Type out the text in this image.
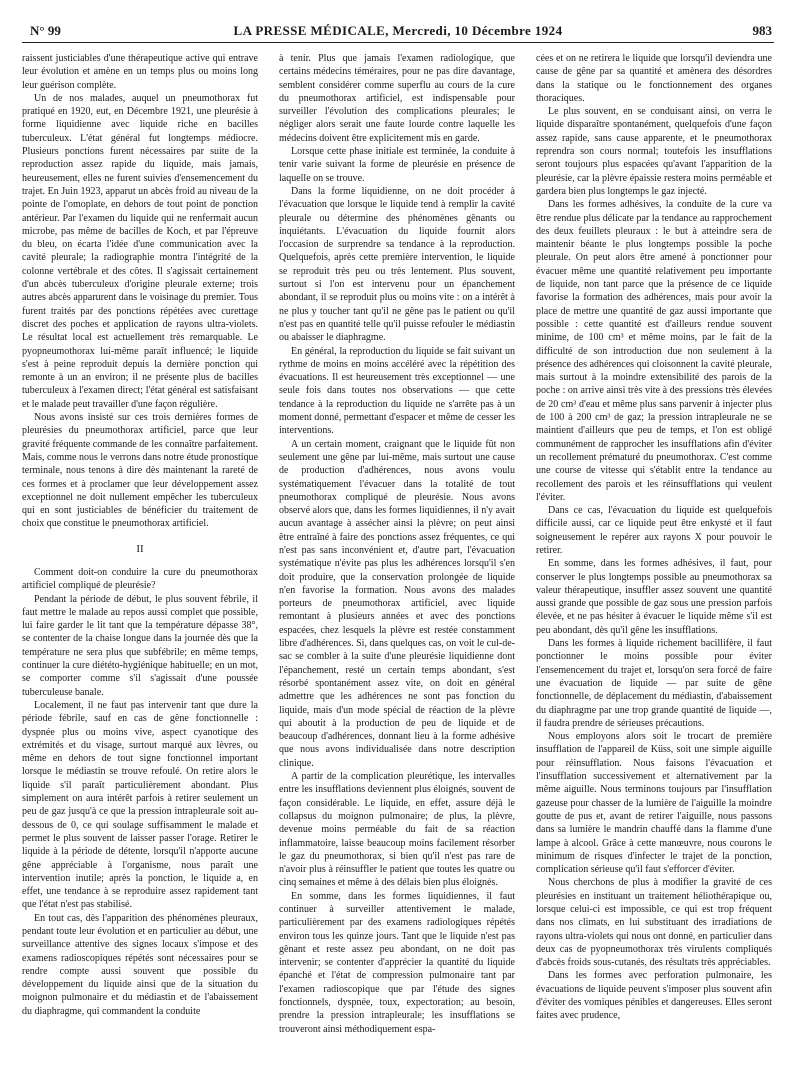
N° 99	LA PRESSE MÉDICALE, Mercredi, 10 Décembre 1924	983

raissent justiciables d'une thérapeutique active qui entrave leur évolution et amène en un temps plus ou moins long leur guérison complète.

Un de nos malades, auquel un pneumothorax fut pratiqué en 1920, eut, en Décembre 1921, une pleurésie à forme liquidienne avec liquide riche en bacilles tuberculeux. L'état général fut longtemps médiocre. Plusieurs ponctions furent nécessaires par suite de la reproduction assez rapide du liquide, mais jamais, heureusement, elles ne furent suivies d'ensemencement du trajet. En Juin 1923, apparut un abcès froid au niveau de la pointe de l'omoplate, en dehors de tout point de ponction antérieur. Par l'examen du liquide qui ne renfermait aucun microbe, pas même de bacilles de Koch, et par l'épreuve du bleu, on écarta l'idée d'une communication avec la cavité pleurale; la radiographie montra l'intégrité de la colonne vertébrale et des côtes. Il s'agissait certainement d'un abcès tuberculeux d'origine pleurale externe; trois autres abcès apparurent dans le voisinage du premier. Tous furent traités par des ponctions répétées avec curettage discret des poches et application de rayons ultra-violets. Le résultat local est actuellement très remarquable. Le pyopneumothorax lui-même paraît influencé; le liquide s'est à peine reproduit depuis la dernière ponction qui remonte à un an environ; il ne présente plus de bacilles tuberculeux à l'examen direct; l'état général est satisfaisant et le malade peut travailler d'une façon régulière.

Nous avons insisté sur ces trois dernières formes de pleurésies du pneumothorax artificiel, parce que leur gravité fréquente commande de les connaître parfaitement. Mais, comme nous le verrons dans notre étude pronostique terminale, nous tenons à dire dès maintenant la rareté de ces formes et à proclamer que leur développement assez exceptionnel ne doit nullement empêcher les tuberculeux qui en sont justiciables de bénéficier du traitement de choix que constitue le pneumothorax artificiel.

II

Comment doit-on conduire la cure du pneumothorax artificiel compliqué de pleurésie?

Pendant la période de début, le plus souvent fébrile, il faut mettre le malade au repos aussi complet que possible, lui faire garder le lit tant que la température dépasse 38°, se contenter de la chaise longue dans la journée dès que la température ne sera plus que subfébrile; en même temps, continuer la cure diététo-hygiénique habituelle; en un mot, se comporter comme s'il s'agissait d'une poussée tuberculeuse banale.

Localement, il ne faut pas intervenir tant que dure la période fébrile, sauf en cas de gêne fonctionnelle : dyspnée plus ou moins vive, aspect cyanotique des extrémités et du visage, surtout marqué aux lèvres, ou même en dehors de tout signe fonctionnel important lorsque le médiastin se trouve refoulé. On retire alors le liquide s'il paraît particulièrement abondant. Plus simplement on aura intérêt parfois à retirer seulement un peu de gaz jusqu'à ce que la pression intrapleurale soit au-dessous de 0, ce qui soulage suffisamment le malade et permet le plus souvent de laisser passer l'orage. Retirer le liquide à la période de détente, lorsqu'il n'apporte aucune gêne appréciable à l'organisme, nous paraît une intervention inutile; après la ponction, le liquide a, en effet, une tendance à se reproduire assez rapidement tant que l'état n'est pas stabilisé.

En tout cas, dès l'apparition des phénomènes pleuraux, pendant toute leur évolution et en particulier au début, une surveillance attentive des signes locaux s'impose et des examens radioscopiques répétés sont nécessaires pour se rendre compte aussi souvent que possible du développement du liquide ainsi que de la situation du moignon pulmonaire et du médiastin et de l'abaissement du diaphragme, qui commandent la conduite

à tenir. Plus que jamais l'examen radiologique, que certains médecins téméraires, pour ne pas dire davantage, semblent considérer comme superflu au cours de la cure du pneumothorax artificiel, est indispensable pour surveiller l'évolution des complications pleurales; le négliger alors serait une faute lourde contre laquelle les médecins doivent être explicitement mis en garde.

Lorsque cette phase initiale est terminée, la conduite à tenir varie suivant la forme de pleurésie en présence de laquelle on se trouve.

Dans la forme liquidienne, on ne doit procéder à l'évacuation que lorsque le liquide tend à remplir la cavité pleurale ou détermine des phénomènes gênants ou inquiétants. L'évacuation du liquide fournit alors l'occasion de surprendre sa tendance à la reproduction. Quelquefois, après cette première intervention, le liquide se reproduit très peu ou très lentement. Plus souvent, surtout si l'on est intervenu pour un épanchement abondant, il se reproduit plus ou moins vite : on a intérêt à ne plus y toucher tant qu'il ne gêne pas le patient ou qu'il n'est pas en quantité telle qu'il puisse refouler le médiastin ou abaisser le diaphragme.

En général, la reproduction du liquide se fait suivant un rythme de moins en moins accéléré avec la répétition des évacuations. Il est heureusement très exceptionnel — une seule fois dans toutes nos observations — que cette tendance à la reproduction du liquide ne s'arrête pas à un moment donné, permettant d'espacer et même de cesser les interventions.

A un certain moment, craignant que le liquide fût non seulement une gêne par lui-même, mais surtout une cause de production d'adhérences, nous avons voulu systématiquement l'évacuer dans la totalité de tout pneumothorax compliqué de pleurésie. Nous avons observé alors que, dans les formes liquidiennes, il n'y avait aucun avantage à assécher ainsi la plèvre; on peut ainsi être entraîné à faire des ponctions assez fréquentes, ce qui n'est pas sans inconvénient et, d'autre part, l'évacuation systématique n'évite pas plus les adhérences lorsqu'il s'en doit produire, que la conservation prolongée de liquide n'en favorise la formation. Nous avons des malades porteurs de pneumothorax artificiel, avec liquide remontant à plusieurs années et avec des ponctions espacées, chez lesquels la plèvre est restée constamment libre d'adhérences. Si, dans quelques cas, on voit le cul-de-sac se combler à la suite d'une pleurésie liquidienne dont l'épanchement, resté un certain temps abondant, s'est résorbé spontanément assez vite, on doit en général admettre que les adhérences ne sont pas fonction du liquide, mais d'un mode spécial de réaction de la plèvre qui aboutit à la production de peu de liquide et de beaucoup d'adhérences, donnant lieu à la forme adhésive que nous avons individualisée dans notre description clinique.

A partir de la complication pleurétique, les intervalles entre les insufflations deviennent plus éloignés, souvent de façon considérable. Le liquide, en effet, assure déjà le collapsus du moignon pulmonaire; de plus, la plèvre, devenue moins perméable du fait de sa réaction inflammatoire, laisse beaucoup moins facilement résorber le gaz du pneumothorax, si bien qu'il n'est pas rare de n'avoir plus à réinsuffler le patient que toutes les quatre ou cinq semaines et même à des délais bien plus éloignés.

En somme, dans les formes liquidiennes, il faut continuer à surveiller attentivement le malade, particulièrement par des examens radiologiques répétés environ tous les quinze jours. Tant que le liquide n'est pas gênant et reste assez peu abondant, on ne doit pas intervenir; se contenter d'apprécier la quantité du liquide épanché et l'état de compression pulmonaire tant par l'examen radioscopique que par l'étude des signes fonctionnels, dyspnée, toux, expectoration; au besoin, prendre la pression intrapleurale; les insufflations se trouveront ainsi méthodiquement espa-

cées et on ne retirera le liquide que lorsqu'il deviendra une cause de gêne par sa quantité et amènera des désordres dans la statique ou le fonctionnement des organes thoraciques.

Le plus souvent, en se conduisant ainsi, on verra le liquide disparaître spontanément, quelquefois d'une façon assez rapide, sans cause apparente, et le pneumothorax reprendra son cours normal; toutefois les insufflations seront toujours plus espacées qu'avant l'apparition de la pleurésie, car la plèvre épaissie restera moins perméable et gardera bien plus longtemps le gaz injecté.

Dans les formes adhésives, la conduite de la cure va être rendue plus délicate par la tendance au rapprochement des deux feuillets pleuraux : le but à atteindre sera de maintenir béante le plus longtemps possible la poche pleurale. On peut alors être amené à ponctionner pour évacuer même une quantité relativement peu importante de liquide, non tant parce que la présence de ce liquide favorise la formation des adhérences, mais pour avoir la place de mettre une quantité de gaz aussi importante que possible : cette quantité est d'ailleurs rendue souvent minime, de 100 cm³ et même moins, par le fait de la difficulté de son introduction due non seulement à la présence des adhérences qui cloisonnent la cavité pleurale, mais surtout à la moindre extensibilité des parois de la poche : on arrive ainsi très vite à des pressions très élevées de 20 cm³ d'eau et même plus sans parvenir à injecter plus de 100 à 200 cm³ de gaz; la pression intrapleurale ne se maintient d'ailleurs que peu de temps, et l'on est obligé communément de rapprocher les insufflations afin d'éviter un recollement prématuré du pneumothorax. C'est comme une course de vitesse qui s'établit entre la tendance au recollement des parois et les réinsufflations qui veulent l'éviter.

Dans ce cas, l'évacuation du liquide est quelquefois difficile aussi, car ce liquide peut être enkysté et il faut soigneusement le repérer aux rayons X pour pouvoir le retirer.

En somme, dans les formes adhésives, il faut, pour conserver le plus longtemps possible au pneumothorax sa valeur thérapeutique, insuffler assez souvent une quantité aussi grande que possible de gaz sous une pression parfois élevée, et ne pas hésiter à évacuer le liquide même s'il est peu abondant, dès qu'il gêne les insufflations.

Dans les formes à liquide richement bacillifère, il faut ponctionner le moins possible pour éviter l'ensemencement du trajet et, lorsqu'on sera forcé de faire une évacuation de liquide — par suite de gêne fonctionnelle, de déplacement du médiastin, d'abaissement du diaphragme par une trop grande quantité de liquide —, il faudra prendre de sérieuses précautions.

Nous employons alors soit le trocart de première insufflation de l'appareil de Küss, soit une simple aiguille pour réinsufflation. Nous faisons l'évacuation et l'insufflation successivement et alternativement par la même aiguille. Nous terminons toujours par l'insufflation gazeuse pour chasser de la lumière de l'aiguille la moindre goutte de pus et, avant de retirer l'aiguille, nous passons dans sa lumière le mandrin chauffé dans la flamme d'une lampe à alcool. Grâce à cette manœuvre, nous courons le minimum de risques d'infecter le trajet de la ponction, complication sérieuse qu'il faut s'efforcer d'éviter.

Nous cherchons de plus à modifier la gravité de ces pleurésies en instituant un traitement héliothérapique ou, lorsque celui-ci est impossible, ce qui est trop fréquent dans nos climats, en lui substituant des irradiations de rayons ultra-violets qui nous ont donné, en particulier dans deux cas de pyopneumothorax très virulents compliqués d'abcès froids sous-cutanés, des résultats très appréciables.

Dans les formes avec perforation pulmonaire, les évacuations de liquide peuvent s'imposer plus souvent afin d'éviter des vomiques pénibles et dangereuses. Elles seront faites avec prudence,
